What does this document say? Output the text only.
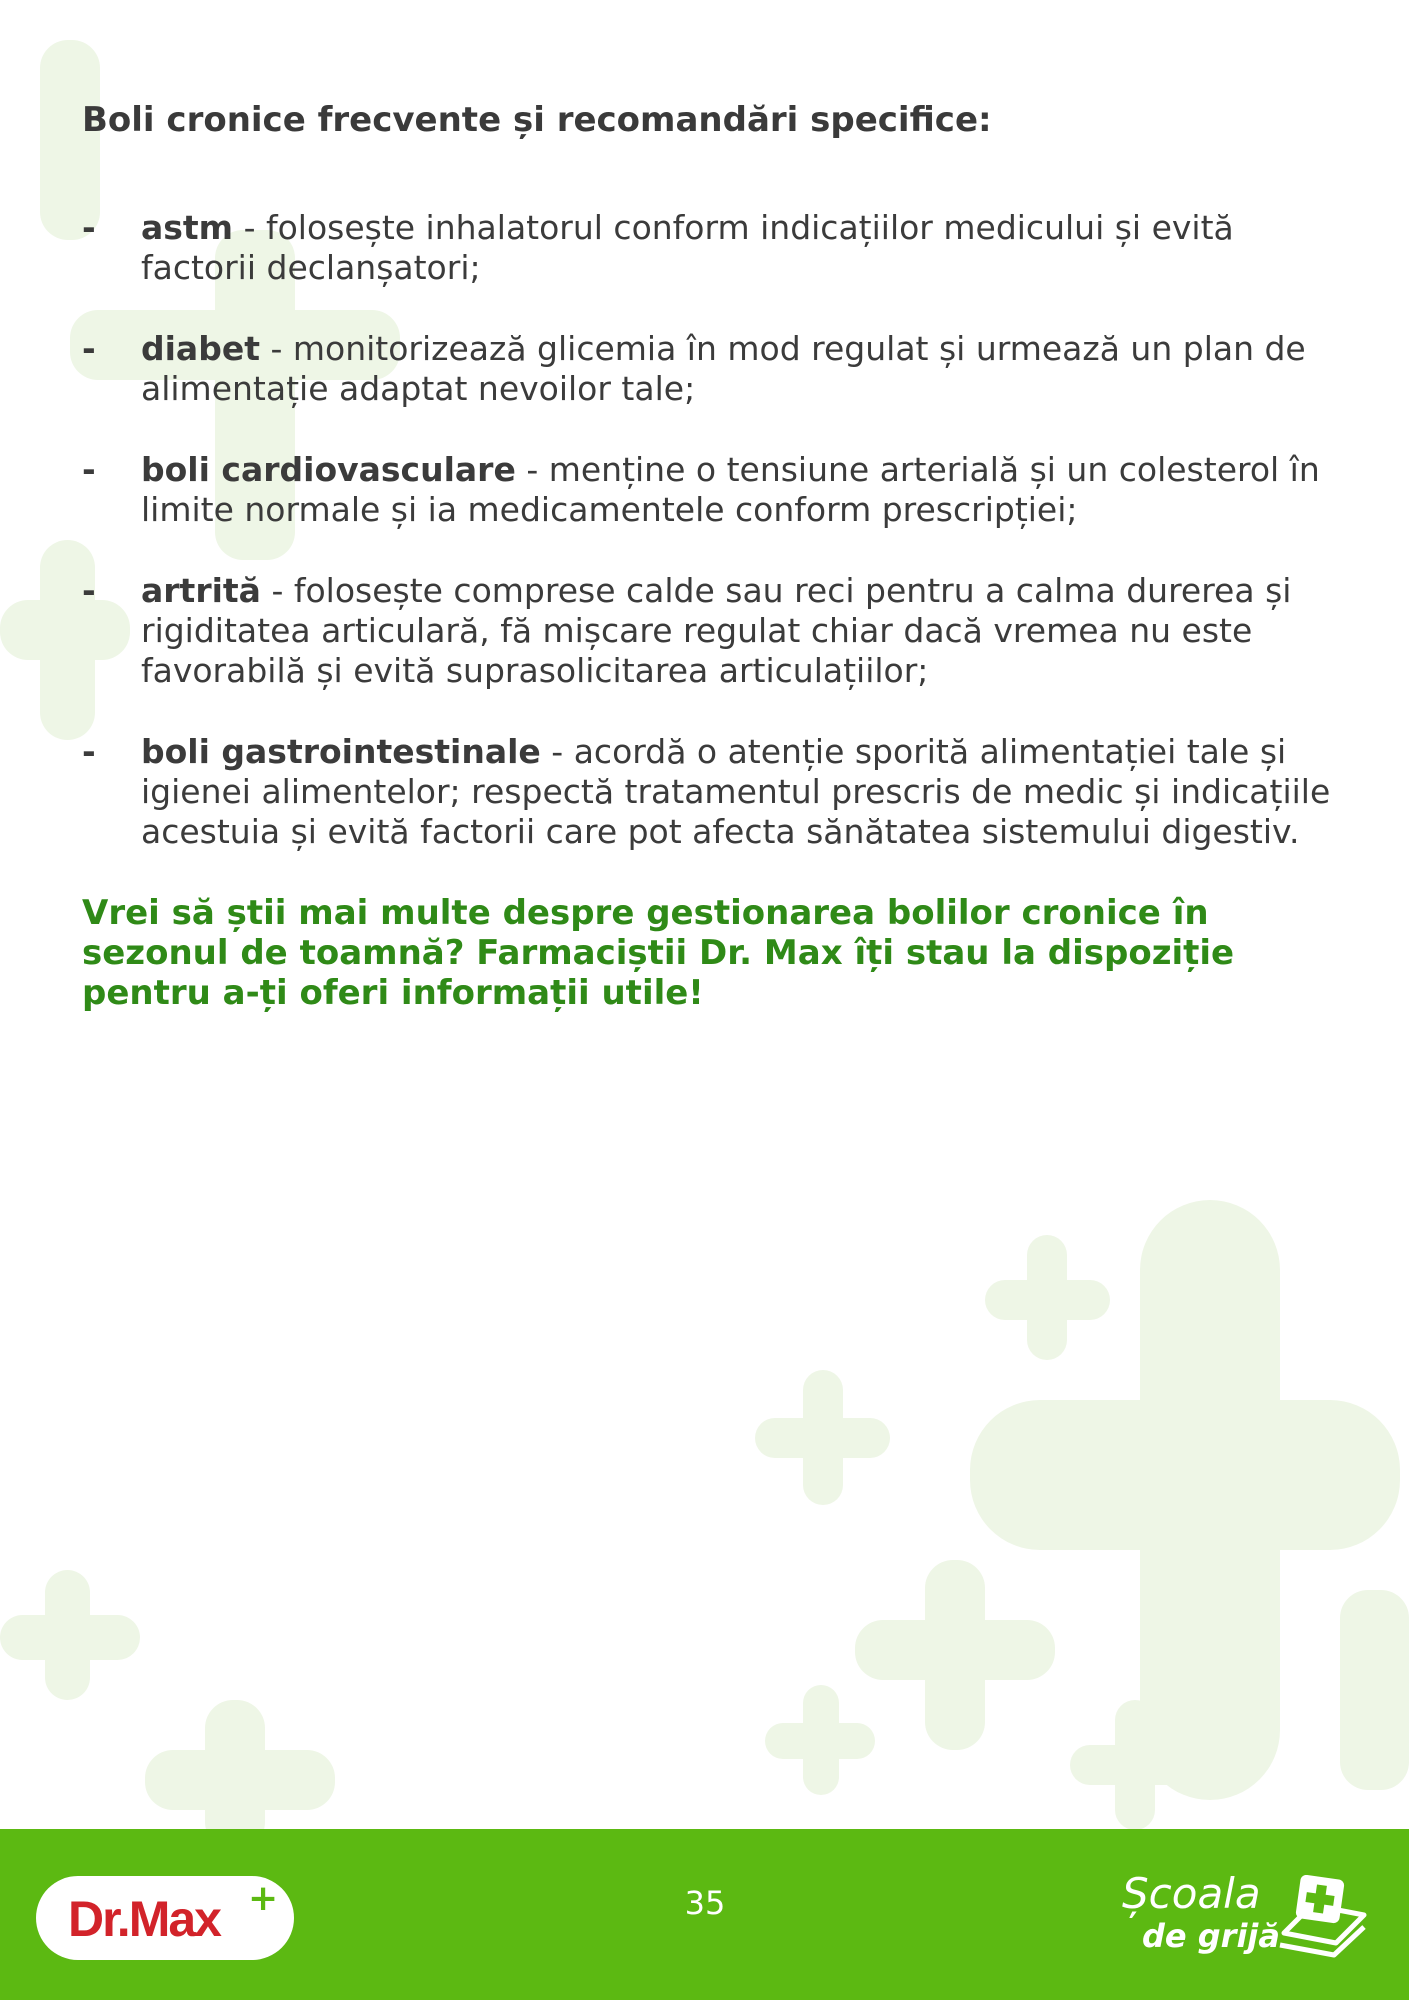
Boli cronice frecvente și recomandări specifice:
- astm - folosește inhalatorul conform indicațiilor medicului și evită factorii declanșatori;
- diabet - monitorizează glicemia în mod regulat și urmează un plan de alimentație adaptat nevoilor tale;
- boli cardiovasculare - menține o tensiune arterială și un colesterol în limite normale și ia medicamentele conform prescripției;
- artrită - folosește comprese calde sau reci pentru a calma durerea și rigiditatea articulară, fă mișcare regulat chiar dacă vremea nu este favorabilă și evită suprasolicitarea articulațiilor;
- boli gastrointestinale - acordă o atenție sporită alimentației tale și igienei alimentelor; respectă tratamentul prescris de medic și indicațiile acestuia și evită factorii care pot afecta sănătatea sistemului digestiv.

Vrei să știi mai multe despre gestionarea bolilor cronice în sezonul de toamnă? Farmaciștii Dr. Max îți stau la dispoziție pentru a-ți oferi informații utile!

Dr.Max +	35	Școala
de grijă
